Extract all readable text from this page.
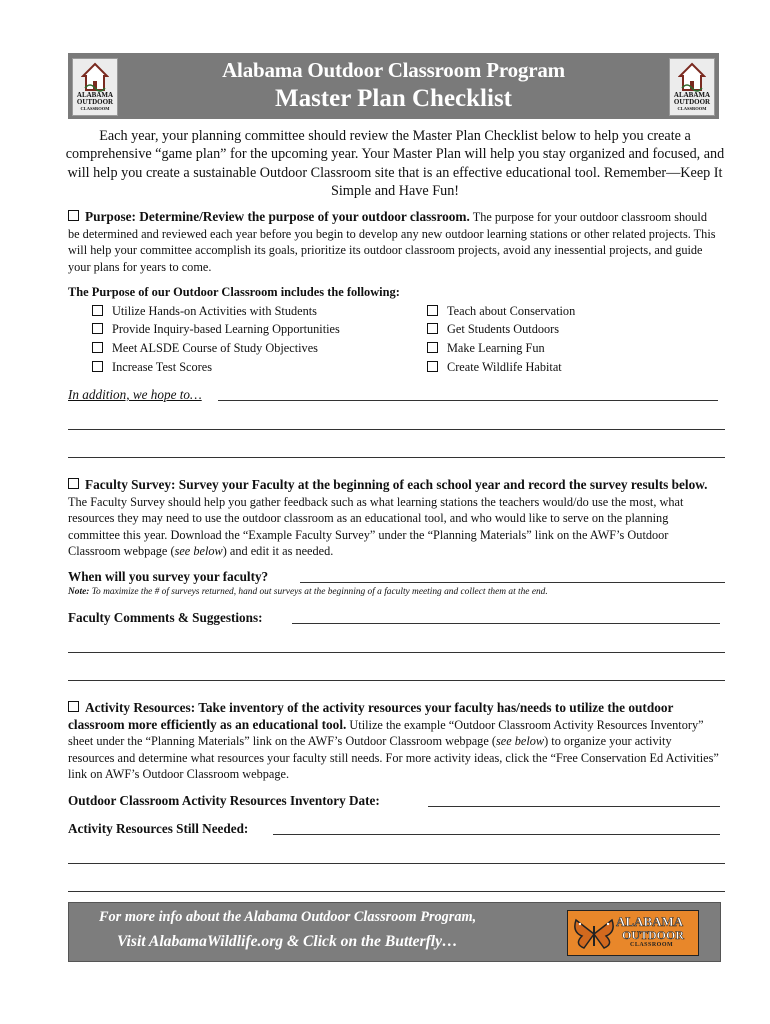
ALABAMA
OUTDOOR
CLASSROOM
Alabama Outdoor Classroom Program
Master Plan Checklist	ALABAMA
OUTDOOR
CLASSROOM
Each year, your planning committee should review the Master Plan Checklist below to help you create a comprehensive “game plan” for the upcoming year. Your Master Plan will help you stay organized and focused, and will help you create a sustainable Outdoor Classroom site that is an effective educational tool. Remember—Keep It Simple and Have Fun!
Purpose: Determine/Review the purpose of your outdoor classroom. The purpose for your outdoor classroom should be determined and reviewed each year before you begin to develop any new outdoor learning stations or other related projects. This will help your committee accomplish its goals, prioritize its outdoor classroom projects, avoid any inessential projects, and guide your plans for years to come.
The Purpose of our Outdoor Classroom includes the following:
Utilize Hands-on Activities with Students
Provide Inquiry-based Learning Opportunities
Meet ALSDE Course of Study Objectives
Increase Test Scores
Teach about Conservation
Get Students Outdoors
Make Learning Fun
Create Wildlife Habitat
In addition, we hope to…
Faculty Survey: Survey your Faculty at the beginning of each school year and record the survey results below. The Faculty Survey should help you gather feedback such as what learning stations the teachers would/do use the most, what resources they may need to use the outdoor classroom as an educational tool, and who would like to serve on the planning committee this year. Download the “Example Faculty Survey” under the “Planning Materials” link on the AWF’s Outdoor Classroom webpage (see below) and edit it as needed.
When will you survey your faculty?
Note: To maximize the # of surveys returned, hand out surveys at the beginning of a faculty meeting and collect them at the end.
Faculty Comments & Suggestions:
Activity Resources: Take inventory of the activity resources your faculty has/needs to utilize the outdoor classroom more efficiently as an educational tool. Utilize the example “Outdoor Classroom Activity Resources Inventory” sheet under the “Planning Materials” link on the AWF’s Outdoor Classroom webpage (see below) to organize your activity resources and determine what resources your faculty still needs. For more activity ideas, click the “Free Conservation Ed Activities” link on AWF’s Outdoor Classroom webpage.
Outdoor Classroom Activity Resources Inventory Date:
Activity Resources Still Needed:
For more info about the Alabama Outdoor Classroom Program,
Visit AlabamaWildlife.org & Click on the Butterfly…
ALABAMA
OUTDOOR
CLASSROOM
